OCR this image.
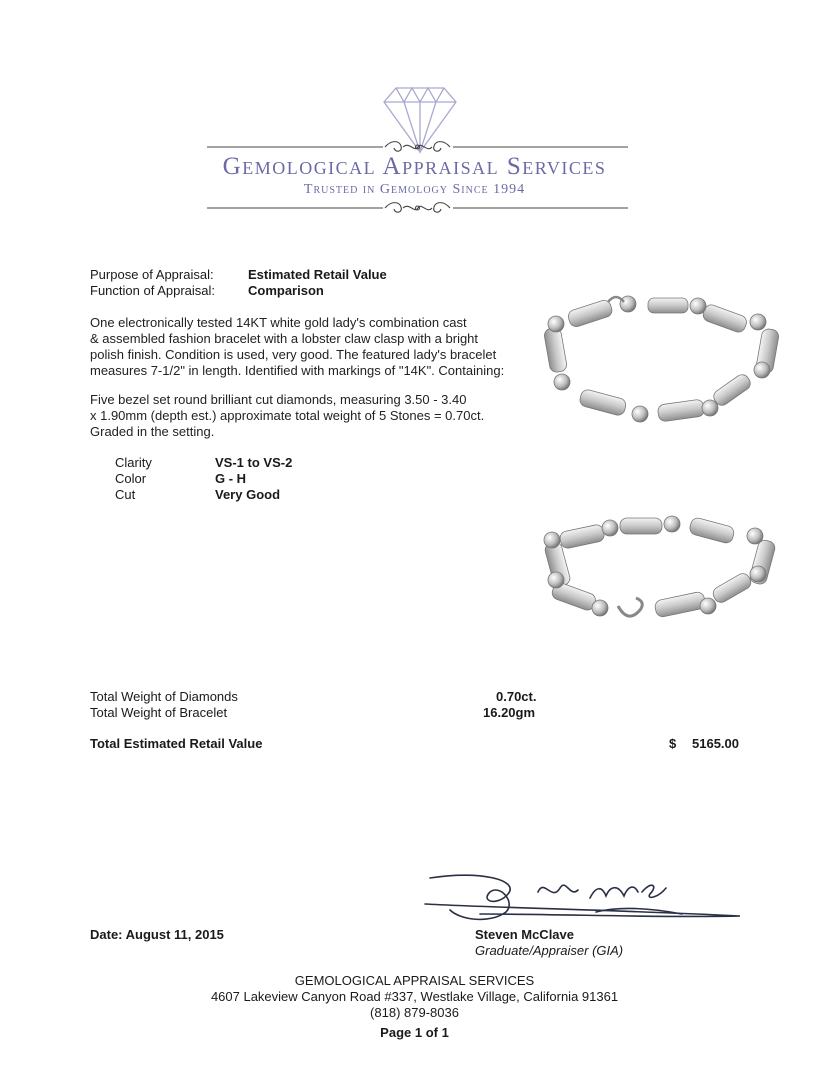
Gemological Appraisal Services
Trusted in Gemology Since 1994
Purpose of Appraisal:	Estimated Retail Value
Function of Appraisal:	Comparison
One electronically tested 14KT white gold lady's combination cast
& assembled fashion bracelet with a lobster claw clasp with a bright
polish finish. Condition is used, very good. The featured lady's bracelet
measures 7-1/2" in length. Identified with markings of "14K". Containing:
Five bezel set round brilliant cut diamonds, measuring 3.50 - 3.40
x 1.90mm (depth est.) approximate total weight of 5 Stones = 0.70ct.
Graded in the setting.
Clarity	VS-1 to VS-2
Color	G - H
Cut	Very Good
Total Weight of Diamonds	0.70ct.
Total Weight of Bracelet	16.20gm
Total Estimated Retail Value	$ 5165.00
Date: August 11, 2015	Steven McClave
Graduate/Appraiser (GIA)
GEMOLOGICAL APPRAISAL SERVICES
4607 Lakeview Canyon Road #337, Westlake Village, California 91361
(818) 879-8036
Page 1 of 1
